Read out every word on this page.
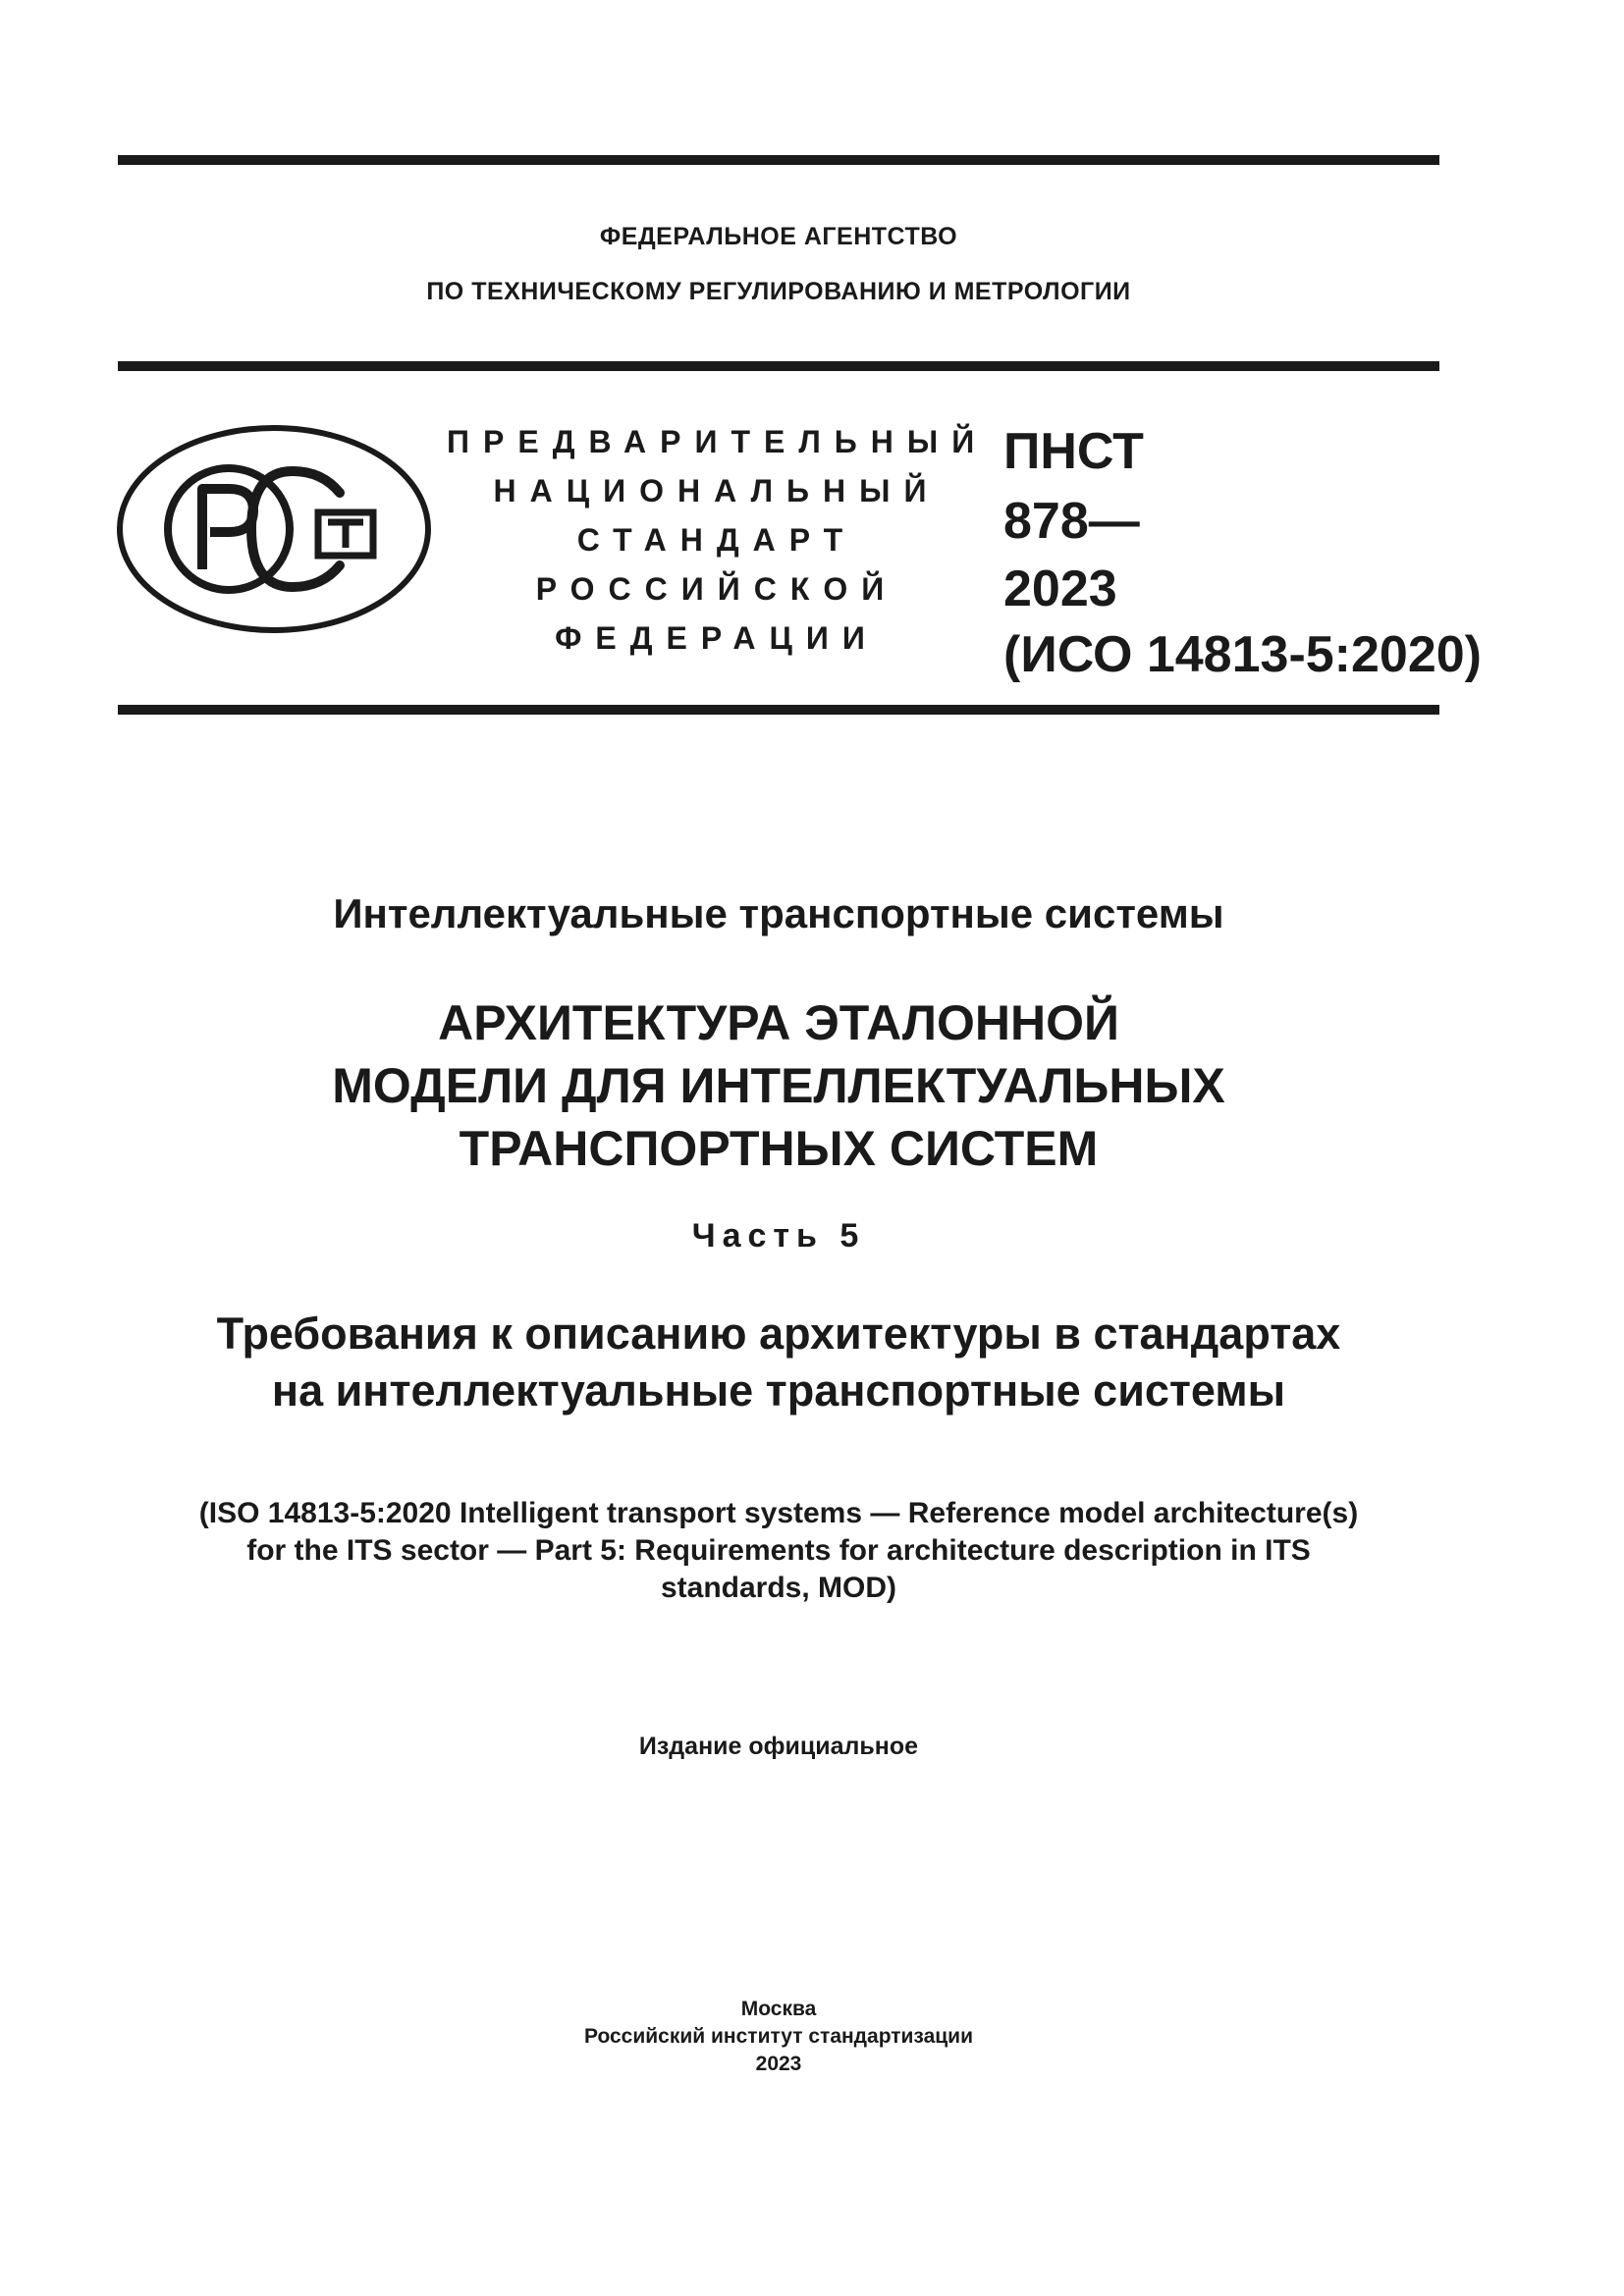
ФЕДЕРАЛЬНОЕ АГЕНТСТВО
ПО ТЕХНИЧЕСКОМУ РЕГУЛИРОВАНИЮ И МЕТРОЛОГИИ
ПРЕДВАРИТЕЛЬНЫЙ
НАЦИОНАЛЬНЫЙ
СТАНДАРТ
РОССИЙСКОЙ
ФЕДЕРАЦИИ
ПНСТ
878—
2023
(ИСО 14813-5:2020)
Интеллектуальные транспортные системы
АРХИТЕКТУРА ЭТАЛОННОЙ
МОДЕЛИ ДЛЯ ИНТЕЛЛЕКТУАЛЬНЫХ
ТРАНСПОРТНЫХ СИСТЕМ
Часть 5
Требования к описанию архитектуры в стандартах
на интеллектуальные транспортные системы
(ISO 14813-5:2020 Intelligent transport systems — Reference model architecture(s)
for the ITS sector — Part 5: Requirements for architecture description in ITS
standards, MOD)
Издание официальное
Москва
Российский институт стандартизации
2023
